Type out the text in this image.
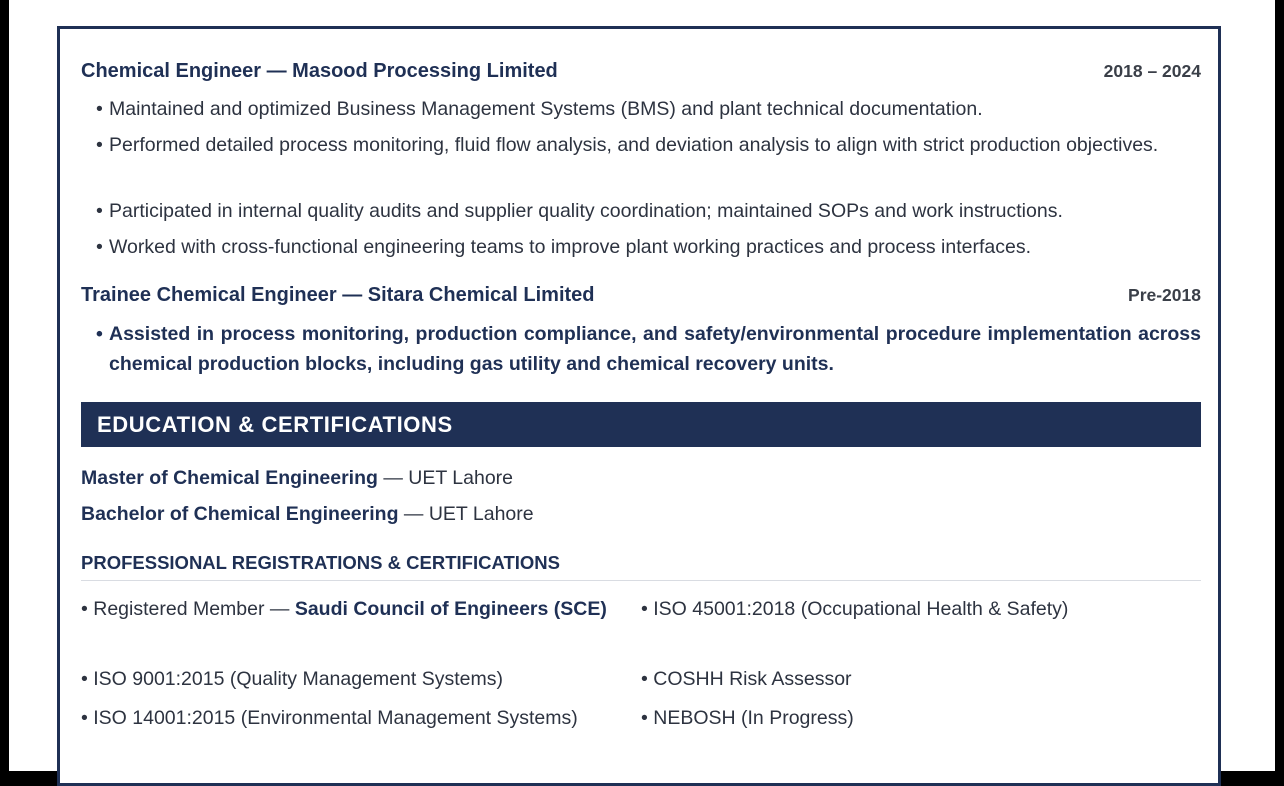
Chemical Engineer — Masood Processing Limited	2018 – 2024
• Maintained and optimized Business Management Systems (BMS) and plant technical documentation.
• Performed detailed process monitoring, fluid flow analysis, and deviation analysis to align with strict production objectives.
• Participated in internal quality audits and supplier quality coordination; maintained SOPs and work instructions.
• Worked with cross-functional engineering teams to improve plant working practices and process interfaces.
Trainee Chemical Engineer — Sitara Chemical Limited	Pre-2018
• Assisted in process monitoring, production compliance, and safety/environmental procedure implementation across chemical production blocks, including gas utility and chemical recovery units.
EDUCATION & CERTIFICATIONS
Master of Chemical Engineering — UET Lahore
Bachelor of Chemical Engineering — UET Lahore
PROFESSIONAL REGISTRATIONS & CERTIFICATIONS
• Registered Member — Saudi Council of Engineers (SCE)
• ISO 9001:2015 (Quality Management Systems)
• ISO 14001:2015 (Environmental Management Systems)
• ISO 45001:2018 (Occupational Health & Safety)
• COSHH Risk Assessor
• NEBOSH (In Progress)
